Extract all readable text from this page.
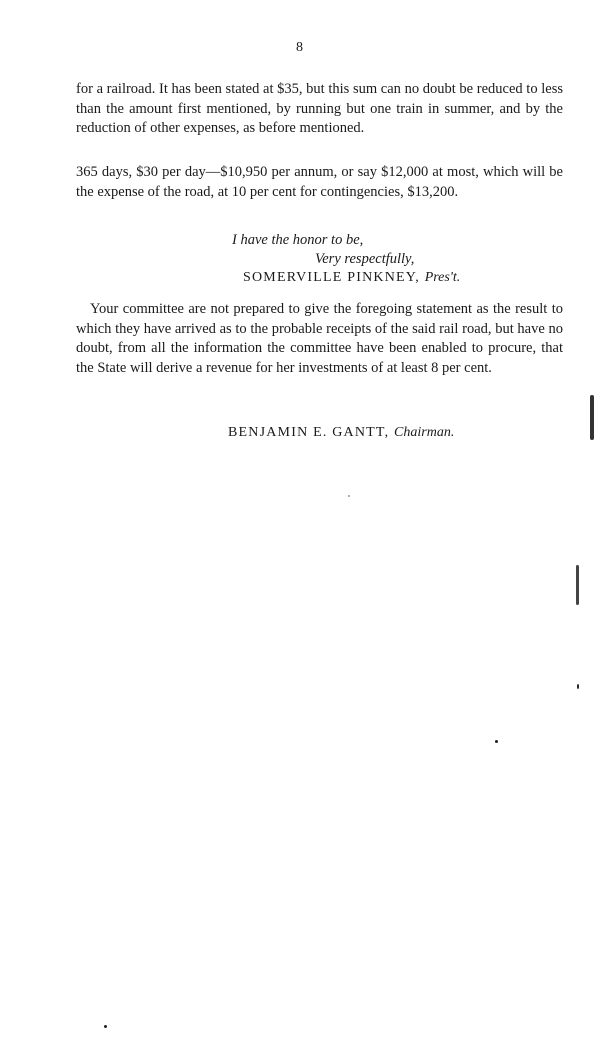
8

for a railroad. It has been stated at $35, but this sum can no doubt be reduced to less than the amount first mentioned, by running but one train in summer, and by the reduction of other expenses, as before mentioned.

365 days, $30 per day—$10,950 per annum, or say $12,000 at most, which will be the expense of the road, at 10 per cent for contingencies, $13,200.

I have the honor to be,
Very respectfully,
SOMERVILLE PINKNEY, Pres't.

Your committee are not prepared to give the foregoing statement as the result to which they have arrived as to the probable receipts of the said rail road, but have no doubt, from all the information the committee have been enabled to procure, that the State will derive a revenue for her investments of at least 8 per cent.

BENJAMIN E. GANTT, Chairman.
